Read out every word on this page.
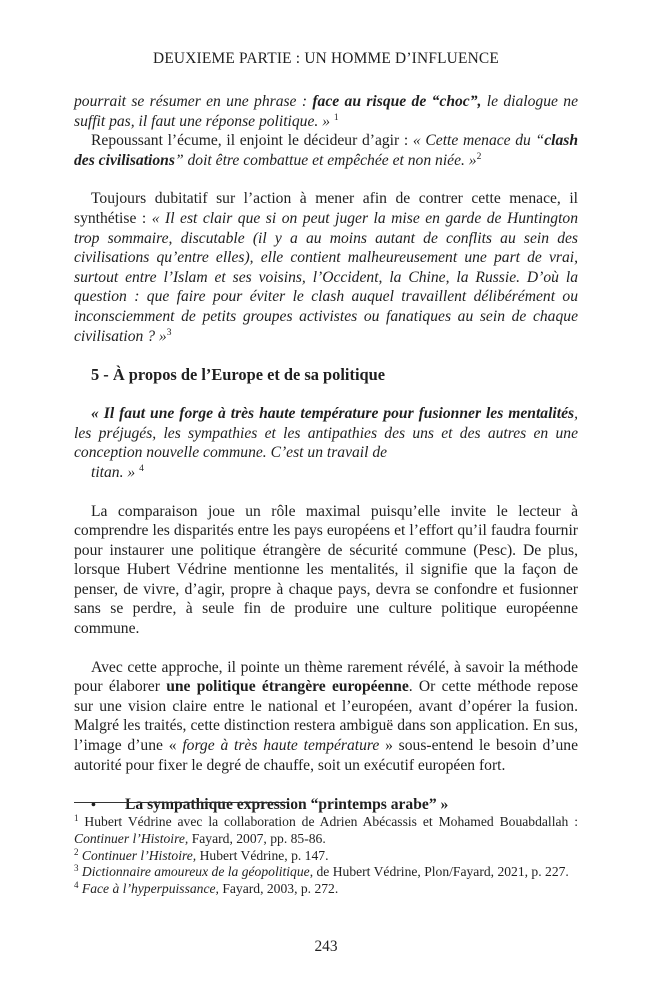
DEUXIEME PARTIE : UN HOMME D’INFLUENCE

pourrait se résumer en une phrase : face au risque de “choc”, le dialogue ne suffit pas, il faut une réponse politique. » $^1$

Repoussant l’écume, il enjoint le décideur d’agir : « Cette menace du “clash des civilisations” doit être combattue et empêchée et non niée. »$^2$

Toujours dubitatif sur l’action à mener afin de contrer cette menace, il synthétise : « Il est clair que si on peut juger la mise en garde de Huntington trop sommaire, discutable (il y a au moins autant de conflits au sein des civilisations qu’entre elles), elle contient malheureusement une part de vrai, surtout entre l’Islam et ses voisins, l’Occident, la Chine, la Russie. D’où la question : que faire pour éviter le clash auquel travaillent délibérément ou inconsciemment de petits groupes activistes ou fanatiques au sein de chaque civilisation ? »$^3$

5 - À propos de l’Europe et de sa politique

« Il faut une forge à très haute température pour fusionner les mentalités, les préjugés, les sympathies et les antipathies des uns et des autres en une conception nouvelle commune. C’est un travail de

titan. » $^4$

La comparaison joue un rôle maximal puisqu’elle invite le lecteur à comprendre les disparités entre les pays européens et l’effort qu’il faudra fournir pour instaurer une politique étrangère de sécurité commune (Pesc). De plus, lorsque Hubert Védrine mentionne les mentalités, il signifie que la façon de penser, de vivre, d’agir, propre à chaque pays, devra se confondre et fusionner sans se perdre, à seule fin de produire une culture politique européenne commune.

Avec cette approche, il pointe un thème rarement révélé, à savoir la méthode pour élaborer une politique étrangère européenne. Or cette méthode repose sur une vision claire entre le national et l’européen, avant d’opérer la fusion. Malgré les traités, cette distinction restera ambiguë dans son application. En sus, l’image d’une « forge à très haute température » sous-entend le besoin d’une autorité pour fixer le degré de chauffe, soit un exécutif européen fort.

•	La sympathique expression “printemps arabe” »

$^1$ Hubert Védrine avec la collaboration de Adrien Abécassis et Mohamed Bouabdallah : Continuer l’Histoire, Fayard, 2007, pp. 85-86.

$^2$ Continuer l’Histoire, Hubert Védrine, p. 147.

$^3$ Dictionnaire amoureux de la géopolitique, de Hubert Védrine, Plon/Fayard, 2021, p. 227.

$^4$ Face à l’hyperpuissance, Fayard, 2003, p. 272.

243
